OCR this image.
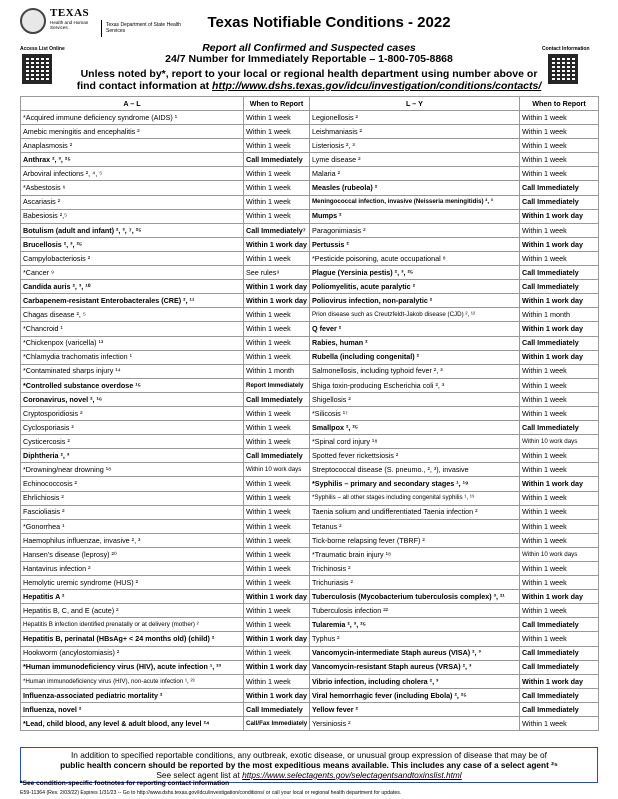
TEXAS
Health and Human Services	Texas Department of State Health Services
Access List Online	Contact Information
Texas Notifiable Conditions - 2022
Report all Confirmed and Suspected cases
24/7 Number for Immediately Reportable – 1-800-705-8868
Unless noted by*, report to your local or regional health department using number above or
find contact information at http://www.dshs.texas.gov/idcu/investigation/conditions/contacts/
A – L	When to Report	L – Y	When to Report
*Acquired immune deficiency syndrome (AIDS) ¹	Within 1 week	Legionellosis ²	Within 1 week
Amebic meningitis and encephalitis ²	Within 1 week	Leishmaniasis ²	Within 1 week
Anaplasmosis ²	Within 1 week	Listeriosis ², ³	Within 1 week
Anthrax ², ³, ²⁵	Call Immediately	Lyme disease ²	Within 1 week
Arboviral infections ², ⁴, ⁵	Within 1 week	Malaria ²	Within 1 week
*Asbestosis ⁶	Within 1 week	Measles (rubeola) ²	Call Immediately
Ascariasis ²	Within 1 week	Meningococcal infection, invasive (Neisseria meningitidis) ², ³	Call Immediately
Babesiosis ²,⁵	Within 1 week	Mumps ²	Within 1 work day
Botulism (adult and infant) ², ³, ⁷, ²⁵	Call Immediately⁷	Paragonimiasis ²	Within 1 week
Brucellosis ², ³, ²⁵	Within 1 work day	Pertussis ²	Within 1 work day
Campylobacteriosis ²	Within 1 week	*Pesticide poisoning, acute occupational ⁸	Within 1 week
*Cancer ⁹	See rules⁹	Plague (Yersinia pestis) ², ³, ²⁵	Call Immediately
Candida auris ², ³, ¹⁰	Within 1 work day	Poliomyelitis, acute paralytic ²	Call Immediately
Carbapenem-resistant Enterobacterales (CRE) ², ¹¹	Within 1 work day	Poliovirus infection, non-paralytic ²	Within 1 work day
Chagas disease ², ⁵	Within 1 week	Prion disease such as Creutzfeldt-Jakob disease (CJD) ², ¹²	Within 1 month
*Chancroid ¹	Within 1 week	Q fever ²	Within 1 work day
*Chickenpox (varicella) ¹³	Within 1 week	Rabies, human ²	Call Immediately
*Chlamydia trachomatis infection ¹	Within 1 week	Rubella (including congenital) ²	Within 1 work day
*Contaminated sharps injury ¹⁴	Within 1 month	Salmonellosis, including typhoid fever ², ³	Within 1 week
*Controlled substance overdose ¹⁵	Report Immediately	Shiga toxin-producing Escherichia coli ², ³	Within 1 week
Coronavirus, novel ², ¹⁶	Call Immediately	Shigellosis ²	Within 1 week
Cryptosporidiosis ²	Within 1 week	*Silicosis ¹⁷	Within 1 week
Cyclosporiasis ²	Within 1 week	Smallpox ², ²⁵	Call Immediately
Cysticercosis ²	Within 1 week	*Spinal cord injury ¹⁸	Within 10 work days
Diphtheria ², ³	Call Immediately	Spotted fever rickettsiosis ²	Within 1 week
*Drowning/near drowning ¹⁸	Within 10 work days	Streptococcal disease (S. pneumo., ², ³), invasive	Within 1 week
Echinococcosis ²	Within 1 week	*Syphilis – primary and secondary stages ¹, ¹⁹	Within 1 work day
Ehrlichiosis ²	Within 1 week	*Syphilis – all other stages including congenital syphilis ¹, ¹⁹	Within 1 week
Fascioliasis ²	Within 1 week	Taenia solium and undifferentiated Taenia infection ²	Within 1 week
*Gonorrhea ¹	Within 1 week	Tetanus ²	Within 1 week
Haemophilus influenzae, invasive ², ³	Within 1 week	Tick-borne relapsing fever (TBRF) ²	Within 1 week
Hansen’s disease (leprosy) ²⁰	Within 1 week	*Traumatic brain injury ¹⁸	Within 10 work days
Hantavirus infection ²	Within 1 week	Trichinosis ²	Within 1 week
Hemolytic uremic syndrome (HUS) ²	Within 1 week	Trichuriasis ²	Within 1 week
Hepatitis A ²	Within 1 work day	Tuberculosis (Mycobacterium tuberculosis complex) ³, ²¹	Within 1 work day
Hepatitis B, C, and E (acute) ²	Within 1 week	Tuberculosis infection ²²	Within 1 week
Hepatitis B infection identified prenatally or at delivery (mother) ²	Within 1 week	Tularemia ², ³, ²⁵	Call Immediately
Hepatitis B, perinatal (HBsAg+ < 24 months old) (child) ²	Within 1 work day	Typhus ²	Within 1 week
Hookworm (ancylostomiasis) ²	Within 1 week	Vancomycin-intermediate Staph aureus (VISA) ², ³	Call Immediately
*Human immunodeficiency virus (HIV), acute infection ¹, ²³	Within 1 work day	Vancomycin-resistant Staph aureus (VRSA) ², ³	Call Immediately
*Human immunodeficiency virus (HIV), non-acute infection ¹, ²³	Within 1 week	Vibrio infection, including cholera ², ³	Within 1 work day
Influenza-associated pediatric mortality ²	Within 1 work day	Viral hemorrhagic fever (including Ebola) ², ²⁵	Call Immediately
Influenza, novel ²	Call Immediately	Yellow fever ²	Call Immediately
*Lead, child blood, any level & adult blood, any level ²⁴	Call/Fax Immediately	Yersiniosis ²	Within 1 week
In addition to specified reportable conditions, any outbreak, exotic disease, or unusual group expression of disease that may be of
public health concern should be reported by the most expeditious means available. This includes any case of a select agent ²⁵
See select agent list at https://www.selectagents.gov/selectagentsandtoxinslist.html
*See condition-specific footnotes for reporting contact information
E59-11364 (Rev. 2/03/22) Expires 1/31/23 -- Go to http://www.dshs.texas.gov/idcu/investigation/conditions/ or call your local or regional health department for updates.
